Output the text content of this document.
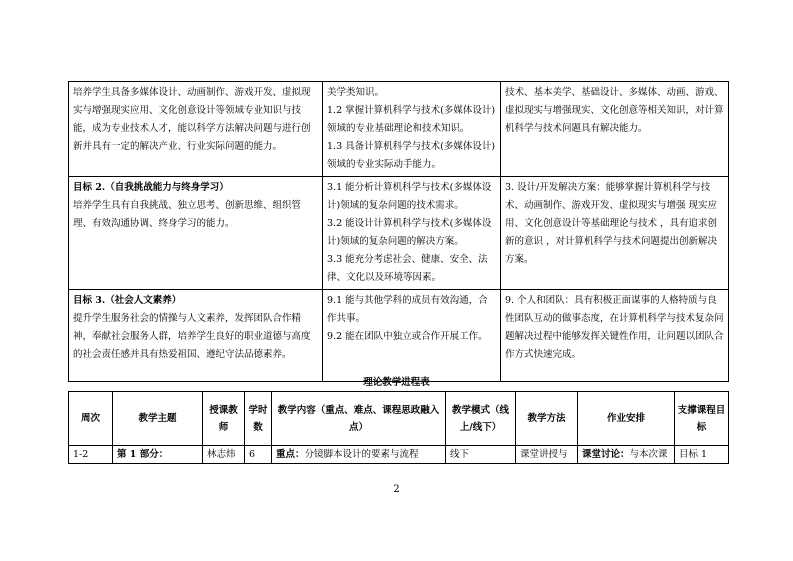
培养学生具备多媒体设计、动画制作、游戏开发、虚拟现实与增强现实应用、文化创意设计等领域专业知识与技能，成为专业技术人才，能以科学方法解决问题与进行创新并具有一定的解决产业、行业实际问题的能力。	美学类知识。
1.2 掌握计算机科学与技术(多媒体设计)领域的专业基础理论和技术知识。
1.3 具备计算机科学与技术(多媒体设计)领域的专业实际动手能力。	技术、基本美学、基础设计、多媒体、动画、游戏、虚拟现实与增强现实、文化创意等相关知识，对计算机科学与技术问题具有解决能力。
目标 2.（自我挑战能力与终身学习）
培养学生具有自我挑战、独立思考、创新思维、组织管理、有效沟通协调、终身学习的能力。	3.1 能分析计算机科学与技术(多媒体设计)领域的复杂问题的技术需求。
3.2 能设计计算机科学与技术(多媒体设计)领域的复杂问题的解决方案。
3.3 能充分考虑社会、健康、安全、法律、文化以及环境等因素。	3. 设计/开发解决方案：能够掌握计算机科学与技术、动画制作、游戏开发、虚拟现实与增强 现实应用、文化创意设计等基础理论与技术 ，具有追求创新的意识 ，对计算机科学与技术问题提出创新解决方案。
目标 3.（社会人文素养）
提升学生服务社会的情操与人文素养，发挥团队合作精神，奉献社会服务人群，培养学生良好的职业道德与高度的社会责任感并具有热爱祖国、遵纪守法品德素养。	9.1 能与其他学科的成员有效沟通，合作共事。
9.2 能在团队中独立或合作开展工作。	9. 个人和团队：具有积极正面谋事的人格特质与良性团队互动的做事态度，在计算机科学与技术复杂问题解决过程中能够发挥关键性作用，让问题以团队合作方式快速完成。
理论教学进程表
周次	教学主题	授课教师	学时数	教学内容（重点、难点、课程思政融入点）	教学模式（线上/线下）	教学方法	作业安排	支撑课程目标
1-2	第 1 部分：	林志炜	6	重点：分镜脚本设计的要素与流程	线下	课堂讲授与	课堂讨论：与本次课	目标 1
2
